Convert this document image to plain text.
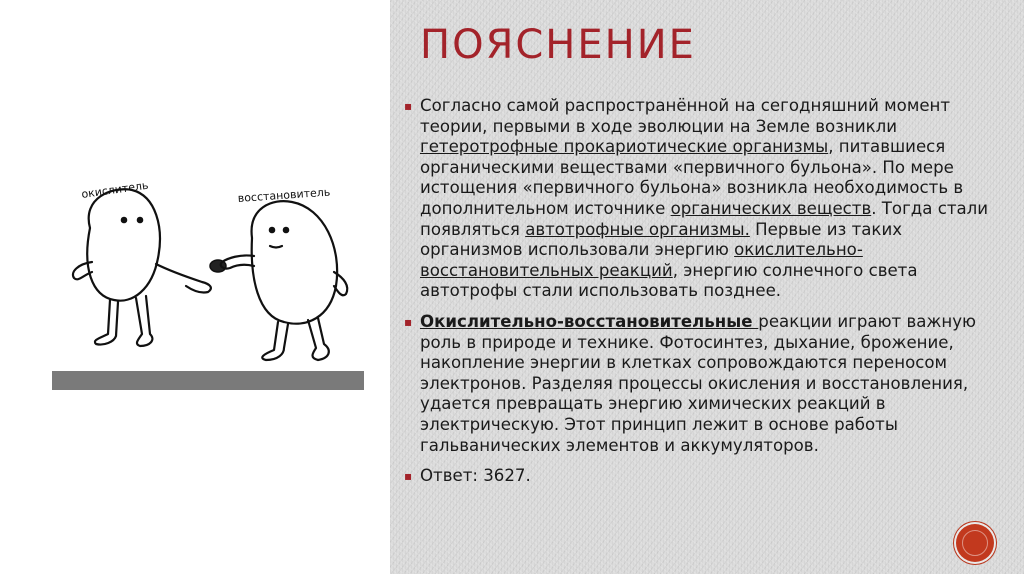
окислитель	восстановитель
ПОЯСНЕНИЕ

▪ Согласно самой распространённой на сегодняшний момент теории, первыми в ходе эволюции на Земле возникли гетеротрофные прокариотические организмы, питавшиеся органическими веществами «первичного бульона». По мере истощения «первичного бульона» возникла необходимость в дополнительном источнике органических веществ. Тогда стали появляться автотрофные организмы. Первые из таких организмов использовали энергию окислительно-восстановительных реакций, энергию солнечного света автотрофы стали использовать позднее.

▪ Окислительно-восстановительные реакции играют важную роль в природе и технике. Фотосинтез, дыхание, брожение, накопление энергии в клетках сопровождаются переносом электронов. Разделяя процессы окисления и восстановления, удается превращать энергию химических реакций в электрическую. Этот принцип лежит в основе работы гальванических элементов и аккумуляторов.

▪ Ответ: 3627.
